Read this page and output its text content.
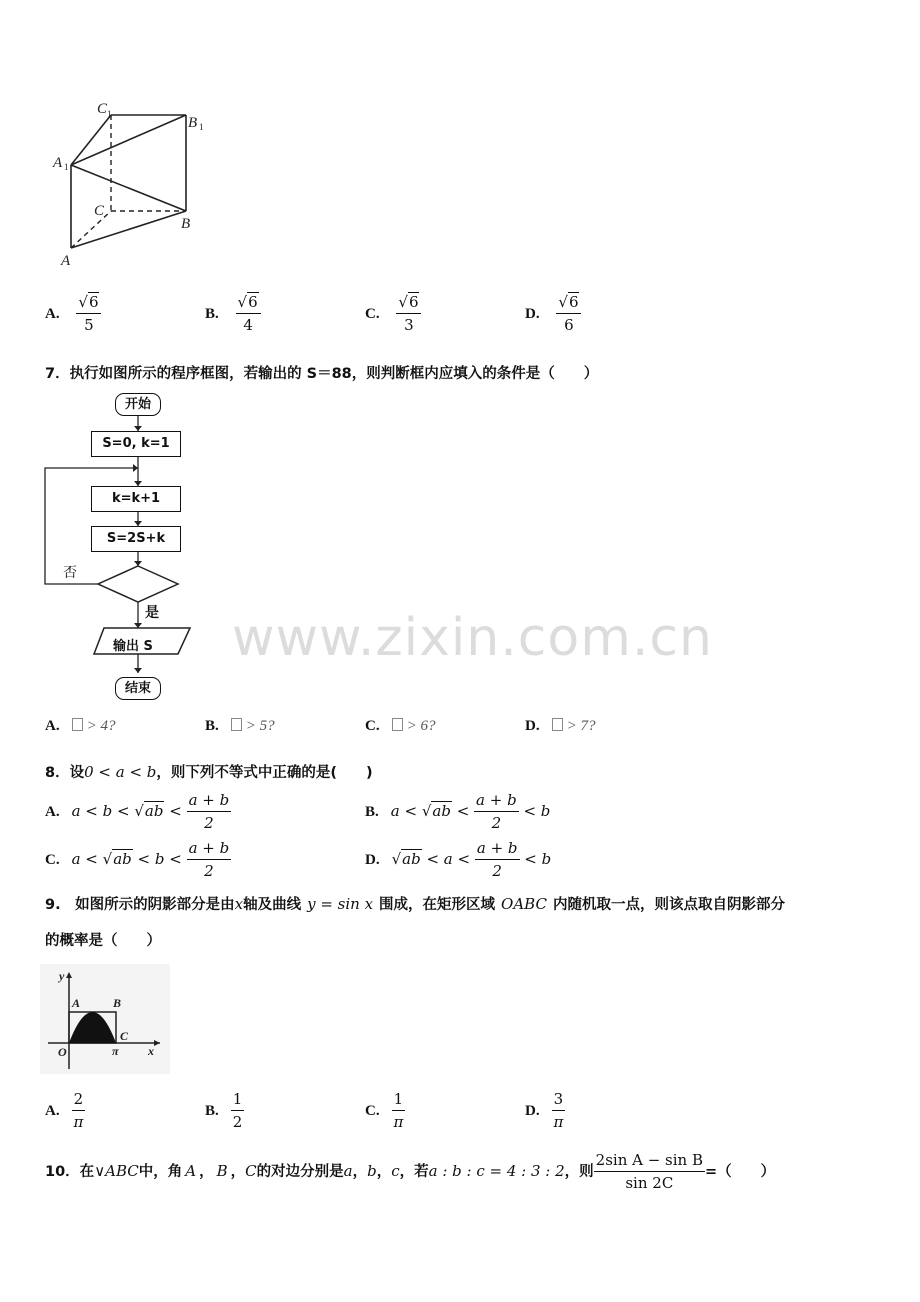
C 1
B 1
A 1
C
B
A
A. $\frac{√6}{5}$	B. $\frac{√6}{4}$	C. $\frac{√6}{3}$	D. $\frac{√6}{6}$
7．执行如图所示的程序框图，若输出的 S＝88，则判断框内应填入的条件是（　　）
开始
S=0, k=1
k=k+1
S=2S+k
否
是
输出 S
结束
www.zixin.com.cn
A. > 4?	B. > 5?	C. > 6?	D. > 7?
8．设0 < a < b，则下列不等式中正确的是(　　)
A. $a < b < √ab < \frac{a + b}{2}$	B. $a < √ab < \frac{a + b}{2} < b$
C. $a < √ab < b < \frac{a + b}{2}$	D. $√ab < a < \frac{a + b}{2} < b$
9.　如图所示的阴影部分是由x轴及曲线 y = sin x 围成，在矩形区域 OABC 内随机取一点，则该点取自阴影部分
的概率是（　　）
y
x
O
A	B
C
π
A. $\frac{2}{\pi}$	B. $\frac{1}{2}$	C. $\frac{1}{\pi}$	D. $\frac{3}{\pi}$
10．在∨ABC中，角 A ， B ，C的对边分别是a，b，c，若a : b : c = 4 : 3 : 2，则 $\frac{\text{2sin A − sin B}}{\sin 2C}$ =（　　）
